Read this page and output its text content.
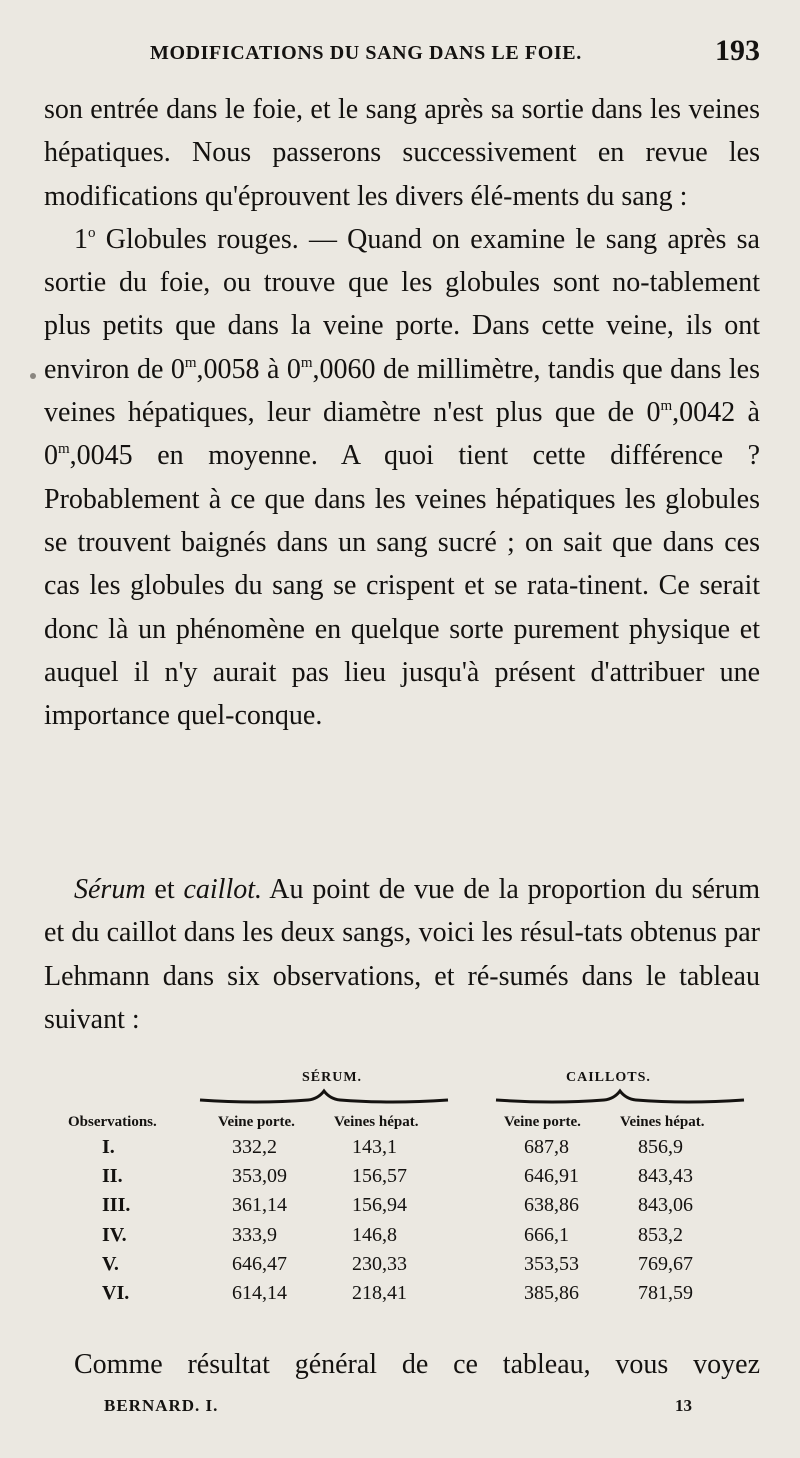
MODIFICATIONS DU SANG DANS LE FOIE.	193

son entrée dans le foie, et le sang après sa sortie dans les veines hépatiques. Nous passerons successivement en revue les modifications qu'éprouvent les divers élé-ments du sang :

1$^o$ Globules rouges. — Quand on examine le sang après sa sortie du foie, ou trouve que les globules sont no-tablement plus petits que dans la veine porte. Dans cette veine, ils ont environ de 0$^m$,0058 à 0$^m$,0060 de millimètre, tandis que dans les veines hépatiques, leur diamètre n'est plus que de 0$^m$,0042 à 0$^m$,0045 en moyenne. A quoi tient cette différence ? Probablement à ce que dans les veines hépatiques les globules se trouvent baignés dans un sang sucré ; on sait que dans ces cas les globules du sang se crispent et se rata-tinent. Ce serait donc là un phénomène en quelque sorte purement physique et auquel il n'y aurait pas lieu jusqu'à présent d'attribuer une importance quel-conque.

Sérum et caillot. Au point de vue de la proportion du sérum et du caillot dans les deux sangs, voici les résul-tats obtenus par Lehmann dans six observations, et ré-sumés dans le tableau suivant :

SÉRUM.	CAILLOTS.
Observations.	Veine porte.	Veines hépat.	Veine porte.	Veines hépat.
I.	332,2	143,1	687,8	856,9
II.	353,09	156,57	646,91	843,43
III.	361,14	156,94	638,86	843,06
IV.	333,9	146,8	666,1	853,2
V.	646,47	230,33	353,53	769,67
VI.	614,14	218,41	385,86	781,59

Comme résultat général de ce tableau, vous voyez

BERNARD. I.	13
